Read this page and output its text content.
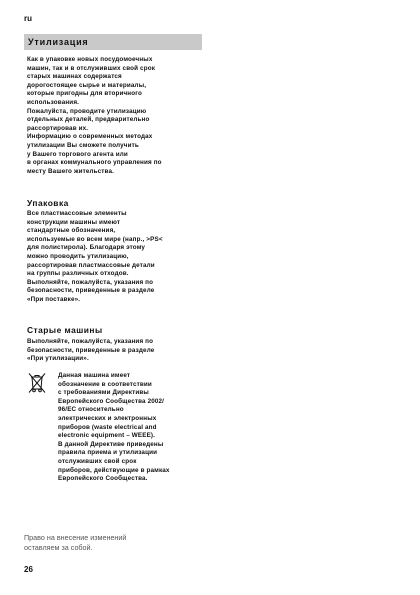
ru
Утилизация

Как в упаковке новых посудомоечных
машин, так и в отслуживших свой срок
старых машинах содержатся
дорогостоящее сырье и материалы,
которые пригодны для вторичного
использования.
Пожалуйста, проводите утилизацию
отдельных деталей, предварительно
рассортировав их.
Информацию о современных методах
утилизации Вы сможете получить
у Вашего торгового агента или
в органах коммунального управления по
месту Вашего жительства.

Упаковка

Все пластмассовые элементы
конструкции машины имеют
стандартные обозначения,
используемые во всем мире (напр., >PS<
для полистирола). Благодаря этому
можно проводить утилизацию,
рассортировав пластмассовые детали
на группы различных отходов.
Выполняйте, пожалуйста, указания по
безопасности, приведенные в разделе
«При поставке».

Старые машины

Выполняйте, пожалуйста, указания по
безопасности, приведенные в разделе
«При утилизации».

Данная машина имеет
обозначение в соответствии
с требованиями Директивы
Европейского Сообщества 2002/
96/EC относительно
электрических и электронных
приборов (waste electrical and
electronic equipment – WEEE).
В данной Директиве приведены
правила приема и утилизации
отслуживших свой срок
приборов, действующие в рамках
Европейского Сообщества.

Право на внесение изменений
оставляем за собой.
26
